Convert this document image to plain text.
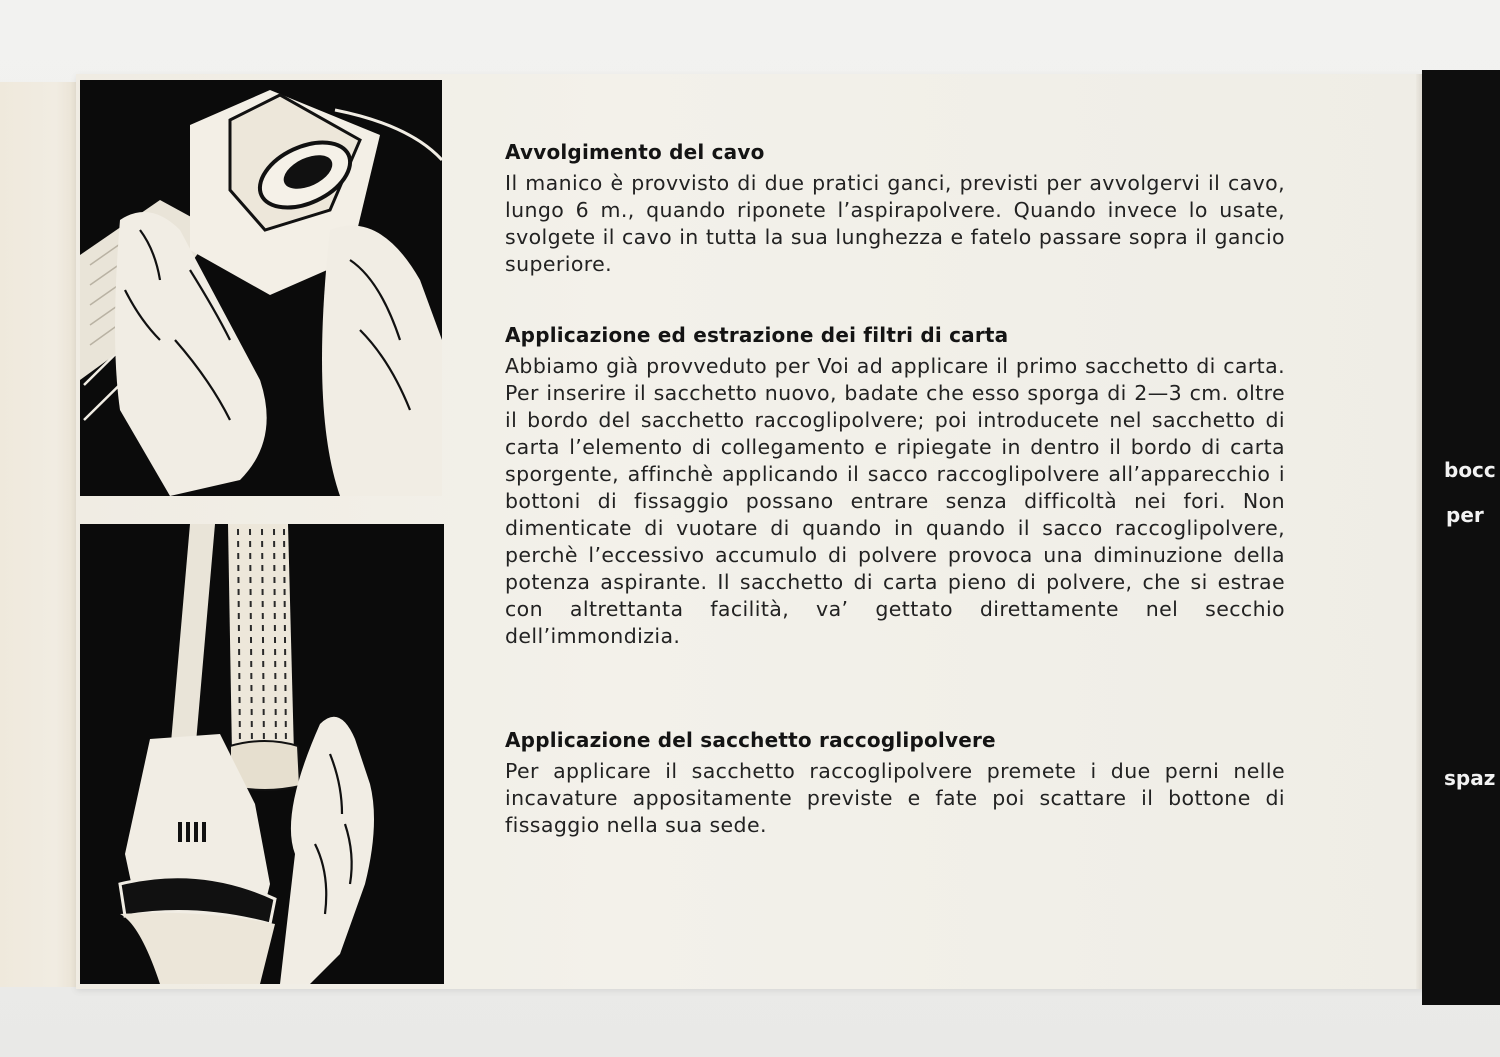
Avvolgimento del cavo

Il manico è provvisto di due pratici ganci, previsti per avvolgervi il cavo, lungo 6 m., quando riponete l’aspirapolvere. Quando invece lo usate, svolgete il cavo in tutta la sua lunghezza e fatelo passare sopra il gancio superiore.

Applicazione ed estrazione dei filtri di carta

Abbiamo già provveduto per Voi ad applicare il primo sacchetto di carta. Per inserire il sacchetto nuovo, badate che esso sporga di 2—3 cm. oltre il bordo del sacchetto raccoglipolvere; poi introducete nel sacchetto di carta l’elemento di collegamento e ripiegate in dentro il bordo di carta sporgente, affinchè applicando il sacco raccoglipolvere all’apparecchio i bottoni di fissaggio possano entrare senza difficoltà nei fori. Non dimenticate di vuotare di quando in quando il sacco raccoglipolvere, perchè l’eccessivo accumulo di polvere provoca una diminuzione della potenza aspirante. Il sacchetto di carta pieno di polvere, che si estrae con altrettanta facilità, va’ gettato direttamente nel secchio dell’immondizia.

Applicazione del sacchetto raccoglipolvere

Per applicare il sacchetto raccoglipolvere premete i due perni nelle incavature appositamente previste e fate poi scattare il bottone di fissaggio nella sua sede.

bocc
per
spaz
